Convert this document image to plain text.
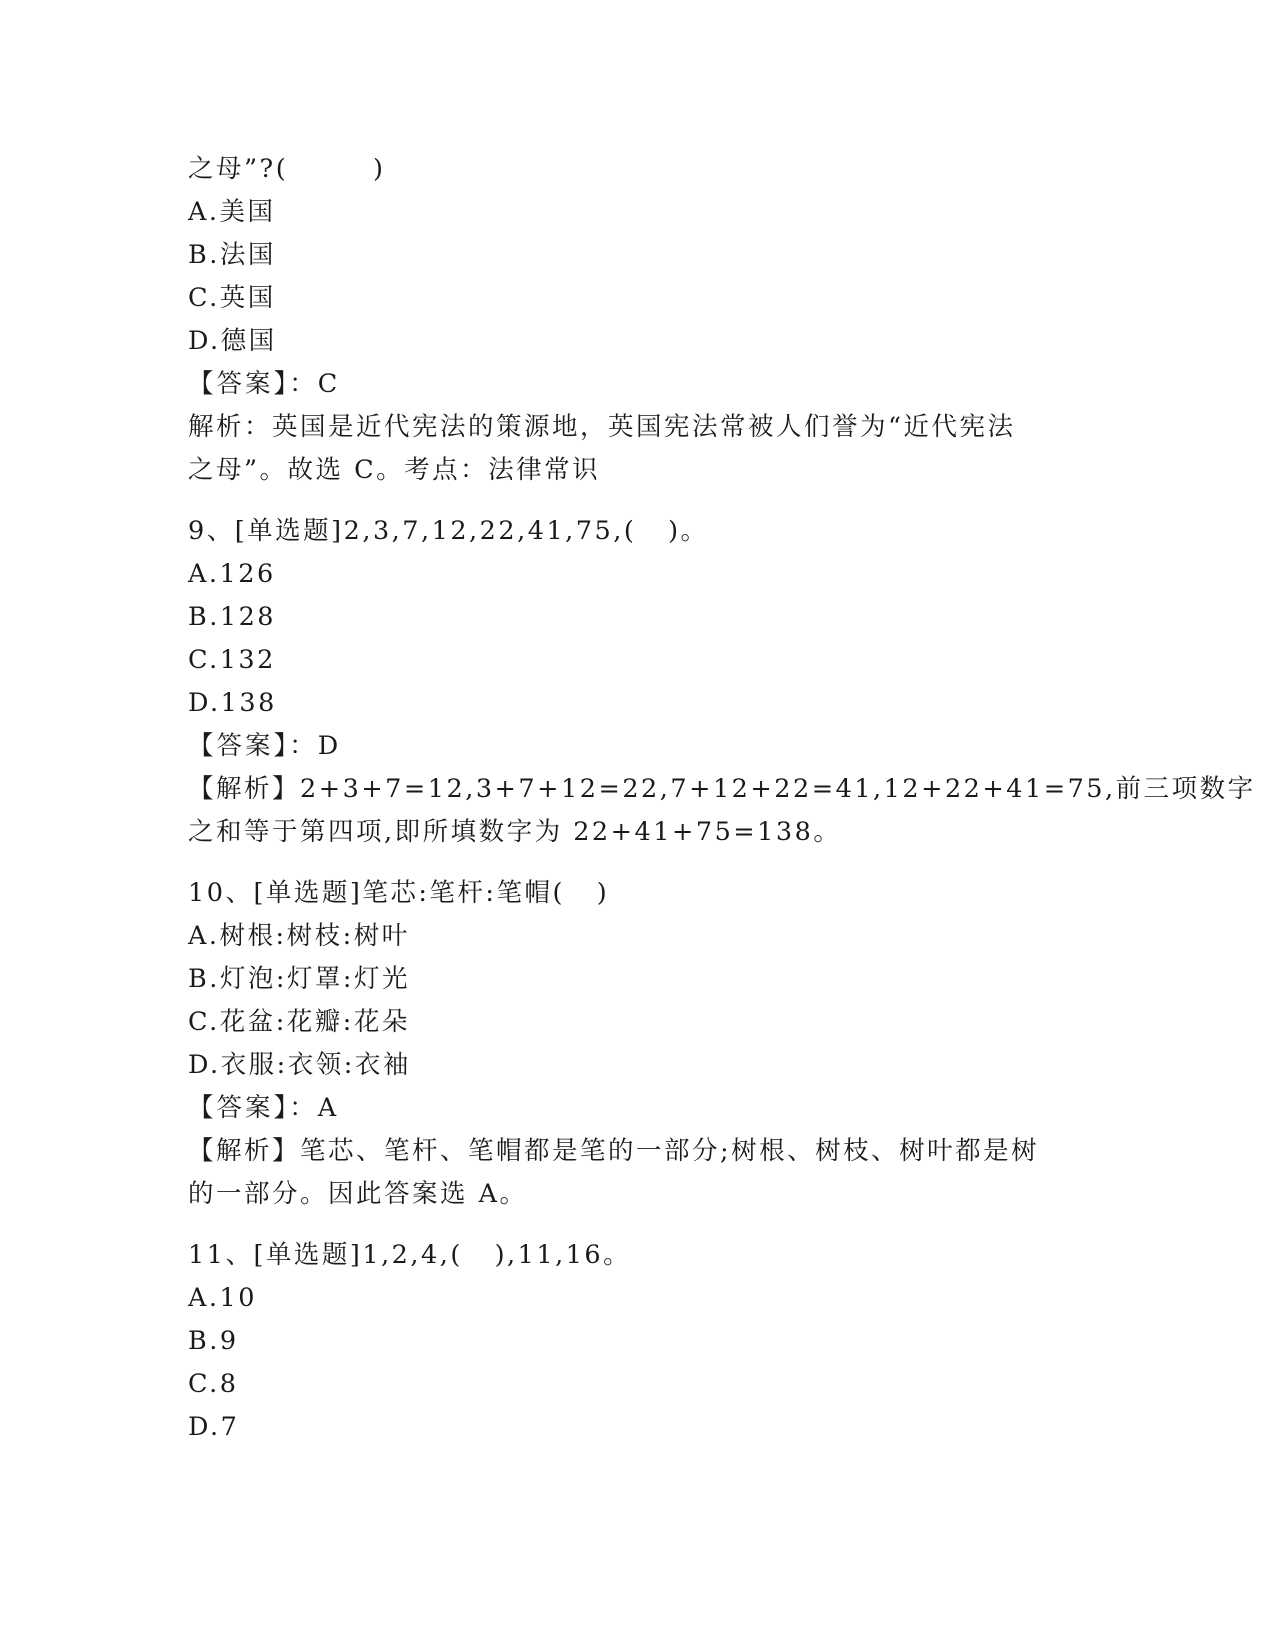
之母”?(        )
A.美国
B.法国
C.英国
D.德国
【答案】：C
解析：英国是近代宪法的策源地，英国宪法常被人们誉为“近代宪法
之母”。故选 C。考点：法律常识
9、[单选题]2,3,7,12,22,41,75,(   )。
A.126
B.128
C.132
D.138
【答案】：D
【解析】2+3+7=12,3+7+12=22,7+12+22=41,12+22+41=75,前三项数字
之和等于第四项,即所填数字为 22+41+75=138。
10、[单选题]笔芯:笔杆:笔帽(   )
A.树根:树枝:树叶
B.灯泡:灯罩:灯光
C.花盆:花瓣:花朵
D.衣服:衣领:衣袖
【答案】：A
【解析】笔芯、笔杆、笔帽都是笔的一部分;树根、树枝、树叶都是树
的一部分。因此答案选 A。
11、[单选题]1,2,4,(   ),11,16。
A.10
B.9
C.8
D.7
